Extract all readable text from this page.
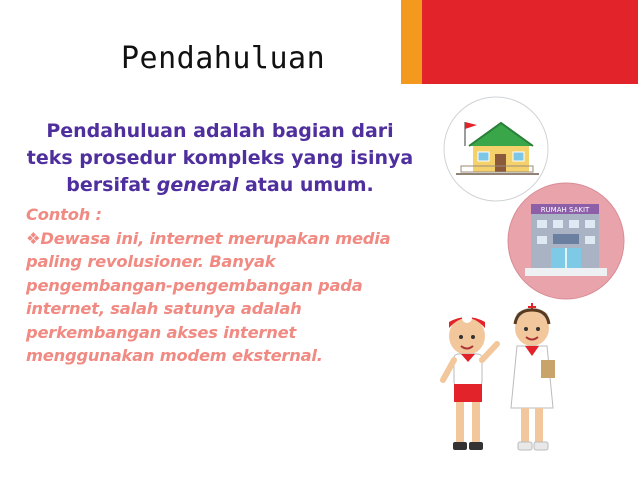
Pendahuluan
Pendahuluan adalah bagian dari teks prosedur kompleks yang isinya bersifat general atau umum.
Contoh :
❖Dewasa ini, internet merupakan media paling revolusioner. Banyak pengembangan-pengembangan pada internet, salah satunya adalah perkembangan akses internet menggunakan modem eksternal.
RUMAH SAKIT
